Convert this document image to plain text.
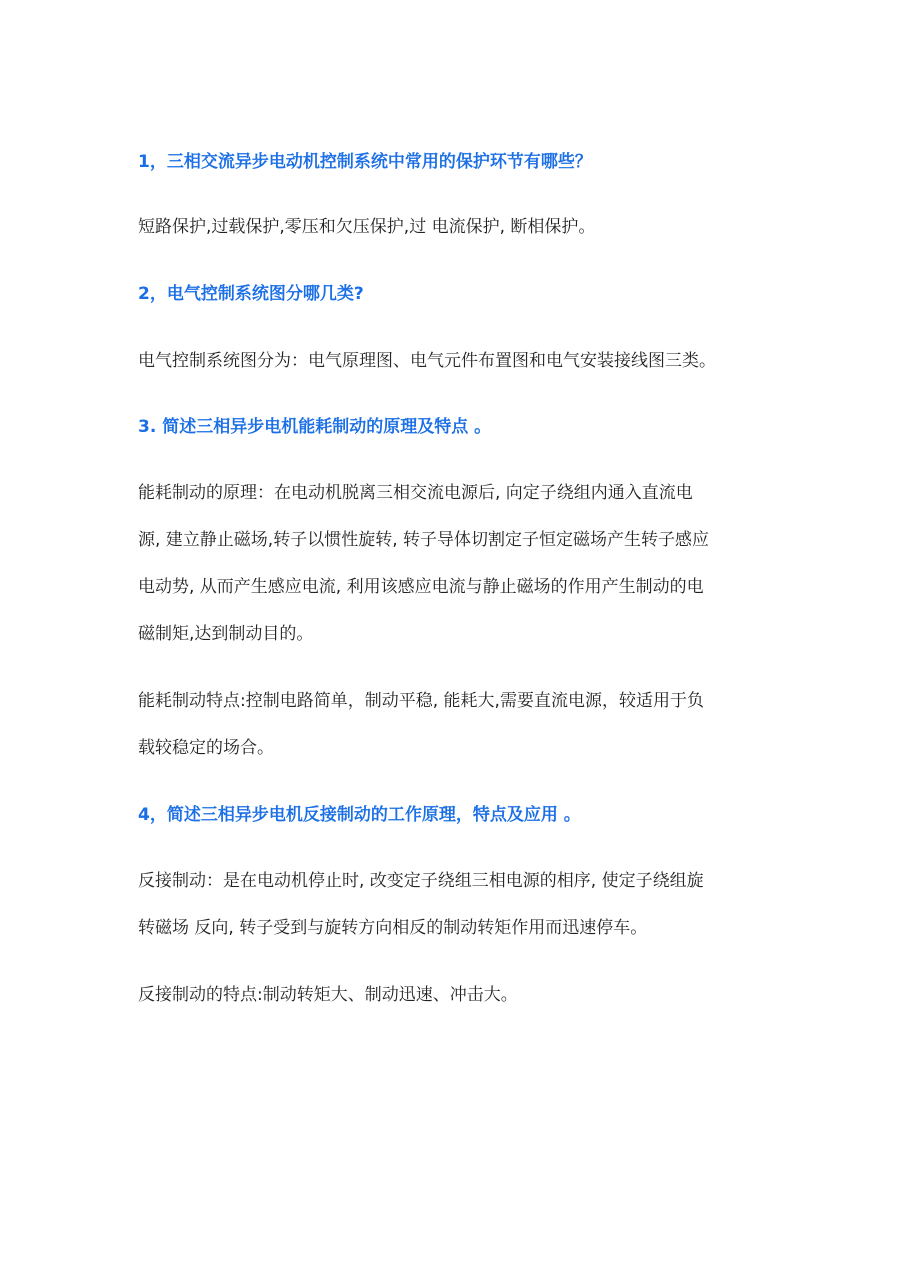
1，三相交流异步电动机控制系统中常用的保护环节有哪些？

短路保护,过载保护,零压和欠压保护,过 电流保护, 断相保护。

2，电气控制系统图分哪几类?

电气控制系统图分为：电气原理图、电气元件布置图和电气安装接线图三类。

3. 简述三相异步电机能耗制动的原理及特点 。

能耗制动的原理：在电动机脱离三相交流电源后, 向定子绕组内通入直流电
源, 建立静止磁场,转子以惯性旋转, 转子导体切割定子恒定磁场产生转子感应
电动势, 从而产生感应电流, 利用该感应电流与静止磁场的作用产生制动的电
磁制矩,达到制动目的。

能耗制动特点:控制电路简单，制动平稳, 能耗大,需要直流电源，较适用于负
载较稳定的场合。

4，简述三相异步电机反接制动的工作原理，特点及应用 。

反接制动：是在电动机停止时, 改变定子绕组三相电源的相序, 使定子绕组旋
转磁场 反向, 转子受到与旋转方向相反的制动转矩作用而迅速停车。

反接制动的特点:制动转矩大、制动迅速、冲击大。
